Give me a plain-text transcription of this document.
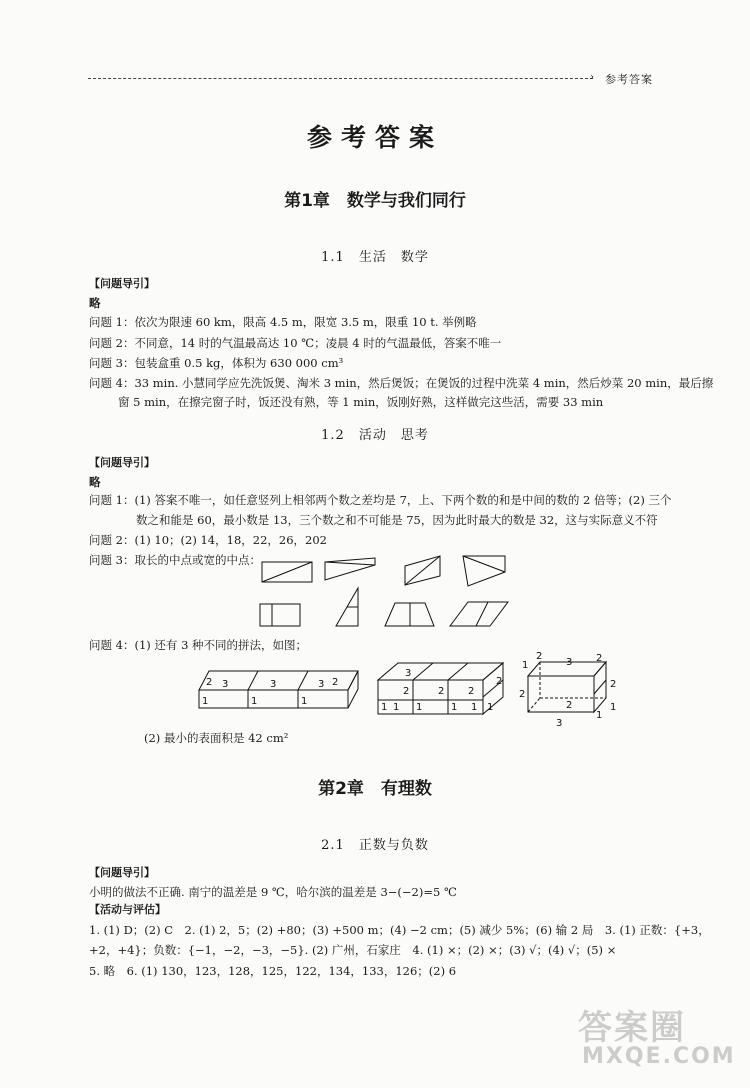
› 参考答案
参考答案
第1章　数学与我们同行
1.1　生活　数学
【问题导引】
略
问题 1：依次为限速 60 km，限高 4.5 m，限宽 3.5 m，限重 10 t. 举例略
问题 2：不同意，14 时的气温最高达 10 ℃；凌晨 4 时的气温最低，答案不唯一
问题 3：包装盒重 0.5 kg，体积为 630 000 cm³
问题 4：33 min. 小慧同学应先洗饭煲、淘米 3 min，然后煲饭；在煲饭的过程中洗菜 4 min，然后炒菜 20 min，最后擦
窗 5 min，在擦完窗子时，饭还没有熟，等 1 min，饭刚好熟，这样做完这些活，需要 33 min
1.2　活动　思考
【问题导引】
略
问题 1：(1) 答案不唯一，如任意竖列上相邻两个数之差均是 7，上、下两个数的和是中间的数的 2 倍等；(2) 三个
数之和能是 60，最小数是 13，三个数之和不可能是 75，因为此时最大的数是 32，这与实际意义不符
问题 2：(1) 10；(2) 14，18，22，26，202
问题 3：取长的中点或宽的中点：
问题 4：(1) 还有 3 种不同的拼法，如图；
2 3	3	3 2
1	1	1
3
2	2 2
2
1
1	1	1 1 1
1
2
3 2
2
2
2
3
1
1
(2) 最小的表面积是 42 cm²
第2章　有理数
2.1　正数与负数
【问题导引】
小明的做法不正确. 南宁的温差是 9 ℃，哈尔滨的温差是 3−(−2)=5 ℃
【活动与评估】
1. (1) D；(2) C　2. (1) 2，5；(2) +80；(3) +500 m；(4) −2 cm；(5) 减少 5%；(6) 输 2 局　3. (1) 正数：{+3，
+2，+4}；负数：{−1，−2，−3，−5}. (2) 广州，石家庄　4. (1) ×；(2) ×；(3) √；(4) √；(5) ×
5. 略　6. (1) 130，123，128，125，122，134，133，126；(2) 6
答案圈
MXQE.COM
